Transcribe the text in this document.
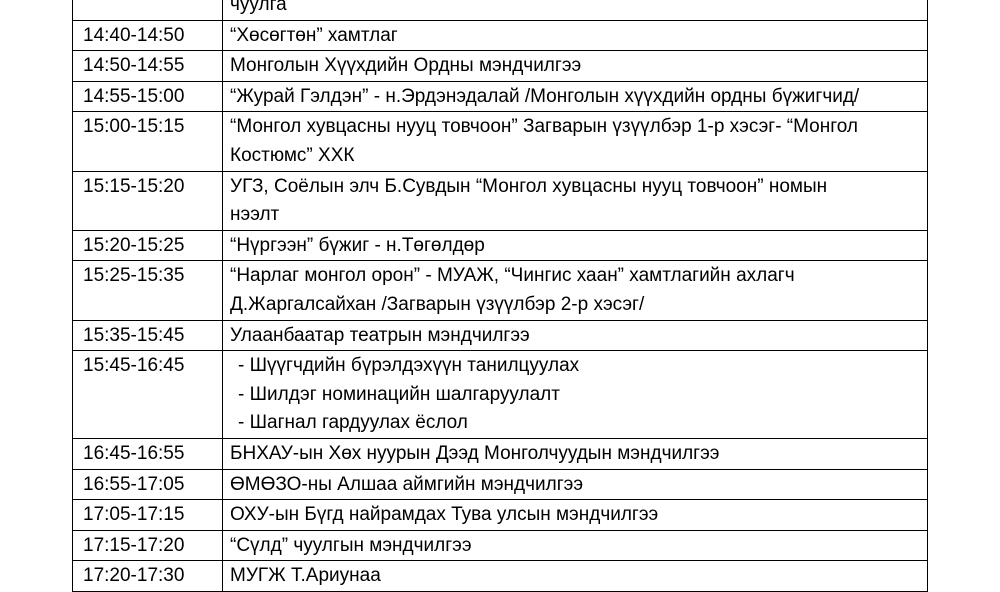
	чуулга

14:40-14:50	“Хөсөгтөн” хамтлаг

14:50-14:55	Монголын Хүүхдийн Ордны мэндчилгээ

14:55-15:00	“Журай Гэлдэн” - н.Эрдэнэдалай /Монголын хүүхдийн ордны бүжигчид/

15:00-15:15	“Монгол хувцасны нууц товчоон” Загварын үзүүлбэр 1-р хэсэг- “Монгол
Костюмс” ХХК

15:15-15:20	УГЗ, Соёлын элч Б.Сувдын “Монгол хувцасны нууц товчоон” номын
нээлт

15:20-15:25	“Нүргээн” бүжиг - н.Төгөлдөр

15:25-15:35	“Нарлаг монгол орон” - МУАЖ, “Чингис хаан” хамтлагийн ахлагч
Д.Жаргалсайхан /Загварын үзүүлбэр 2-р хэсэг/

15:35-15:45	Улаанбаатар театрын мэндчилгээ

15:45-16:45	- Шүүгчдийн бүрэлдэхүүн танилцуулах
- Шилдэг номинацийн шалгаруулалт
- Шагнал гардуулах ёслол

16:45-16:55	БНХАУ-ын Хөх нуурын Дээд Монголчуудын мэндчилгээ

16:55-17:05	ӨМӨЗО-ны Алшаа аймгийн мэндчилгээ

17:05-17:15	ОХУ-ын Бүгд найрамдах Тува улсын мэндчилгээ

17:15-17:20	“Сүлд” чуулгын мэндчилгээ

17:20-17:30	МУГЖ Т.Ариунаа
